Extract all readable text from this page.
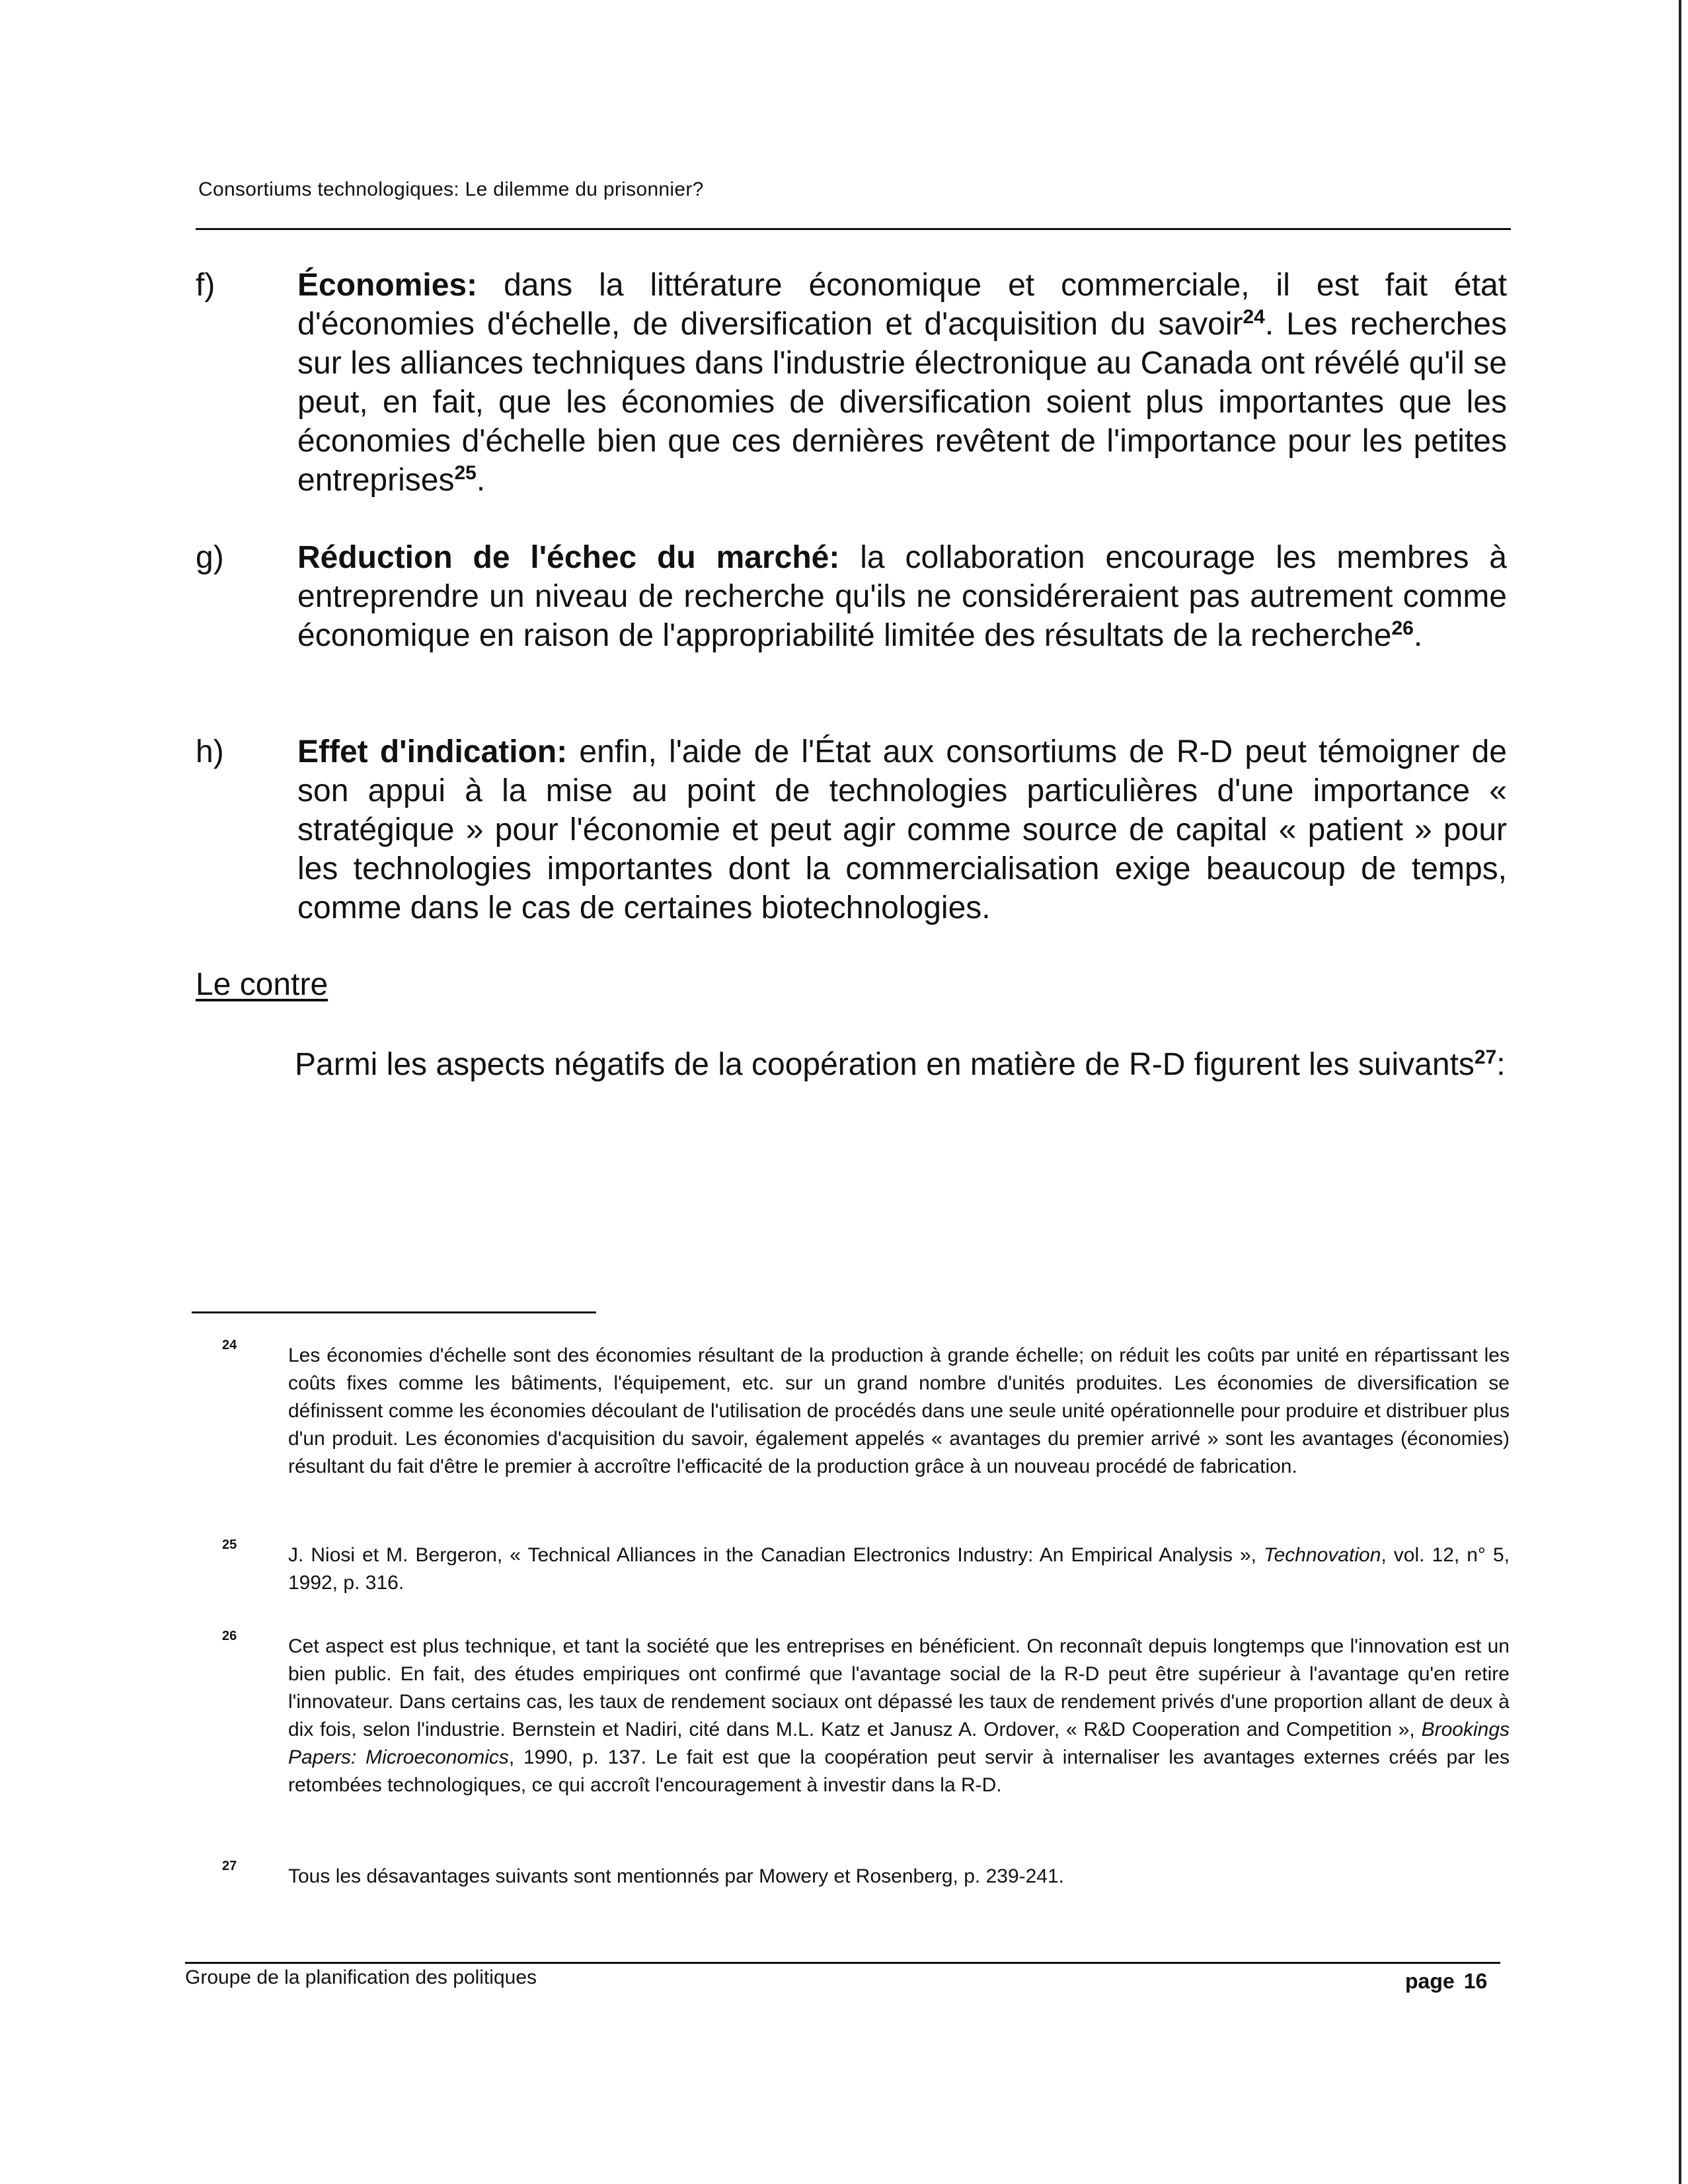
Consortiums technologiques: Le dilemme du prisonnier?
f)	Économies: dans la littérature économique et commerciale, il est fait état d'économies d'échelle, de diversification et d'acquisition du savoir$^{24}$. Les recherches sur les alliances techniques dans l'industrie électronique au Canada ont révélé qu'il se peut, en fait, que les économies de diversification soient plus importantes que les économies d'échelle bien que ces dernières revêtent de l'importance pour les petites entreprises$^{25}$.
g) Réduction de l'échec du marché: la collaboration encourage les membres à entreprendre un niveau de recherche qu'ils ne considéreraient pas autrement comme économique en raison de l'appropriabilité limitée des résultats de la recherche$^{26}$.
h) Effet d'indication: enfin, l'aide de l'État aux consortiums de R-D peut témoigner de son appui à la mise au point de technologies particulières d'une importance « stratégique » pour l'économie et peut agir comme source de capital « patient » pour les technologies importantes dont la commercialisation exige beaucoup de temps, comme dans le cas de certaines biotechnologies.
Le contre
Parmi les aspects négatifs de la coopération en matière de R-D figurent les suivants$^{27}$:
24	Les économies d'échelle sont des économies résultant de la production à grande échelle; on réduit les coûts par unité en répartissant les coûts fixes comme les bâtiments, l'équipement, etc. sur un grand nombre d'unités produites. Les économies de diversification se définissent comme les économies découlant de l'utilisation de procédés dans une seule unité opérationnelle pour produire et distribuer plus d'un produit. Les économies d'acquisition du savoir, également appelés « avantages du premier arrivé » sont les avantages (économies) résultant du fait d'être le premier à accroître l'efficacité de la production grâce à un nouveau procédé de fabrication.
25	J. Niosi et M. Bergeron, « Technical Alliances in the Canadian Electronics Industry: An Empirical Analysis », Technovation, vol. 12, n° 5, 1992, p. 316.
26	Cet aspect est plus technique, et tant la société que les entreprises en bénéficient. On reconnaît depuis longtemps que l'innovation est un bien public. En fait, des études empiriques ont confirmé que l'avantage social de la R-D peut être supérieur à l'avantage qu'en retire l'innovateur. Dans certains cas, les taux de rendement sociaux ont dépassé les taux de rendement privés d'une proportion allant de deux à dix fois, selon l'industrie. Bernstein et Nadiri, cité dans M.L. Katz et Janusz A. Ordover, « R&D Cooperation and Competition », Brookings Papers: Microeconomics, 1990, p. 137. Le fait est que la coopération peut servir à internaliser les avantages externes créés par les retombées technologiques, ce qui accroît l'encouragement à investir dans la R-D.
27	Tous les désavantages suivants sont mentionnés par Mowery et Rosenberg, p. 239-241.
Groupe de la planification des politiques	page 16
